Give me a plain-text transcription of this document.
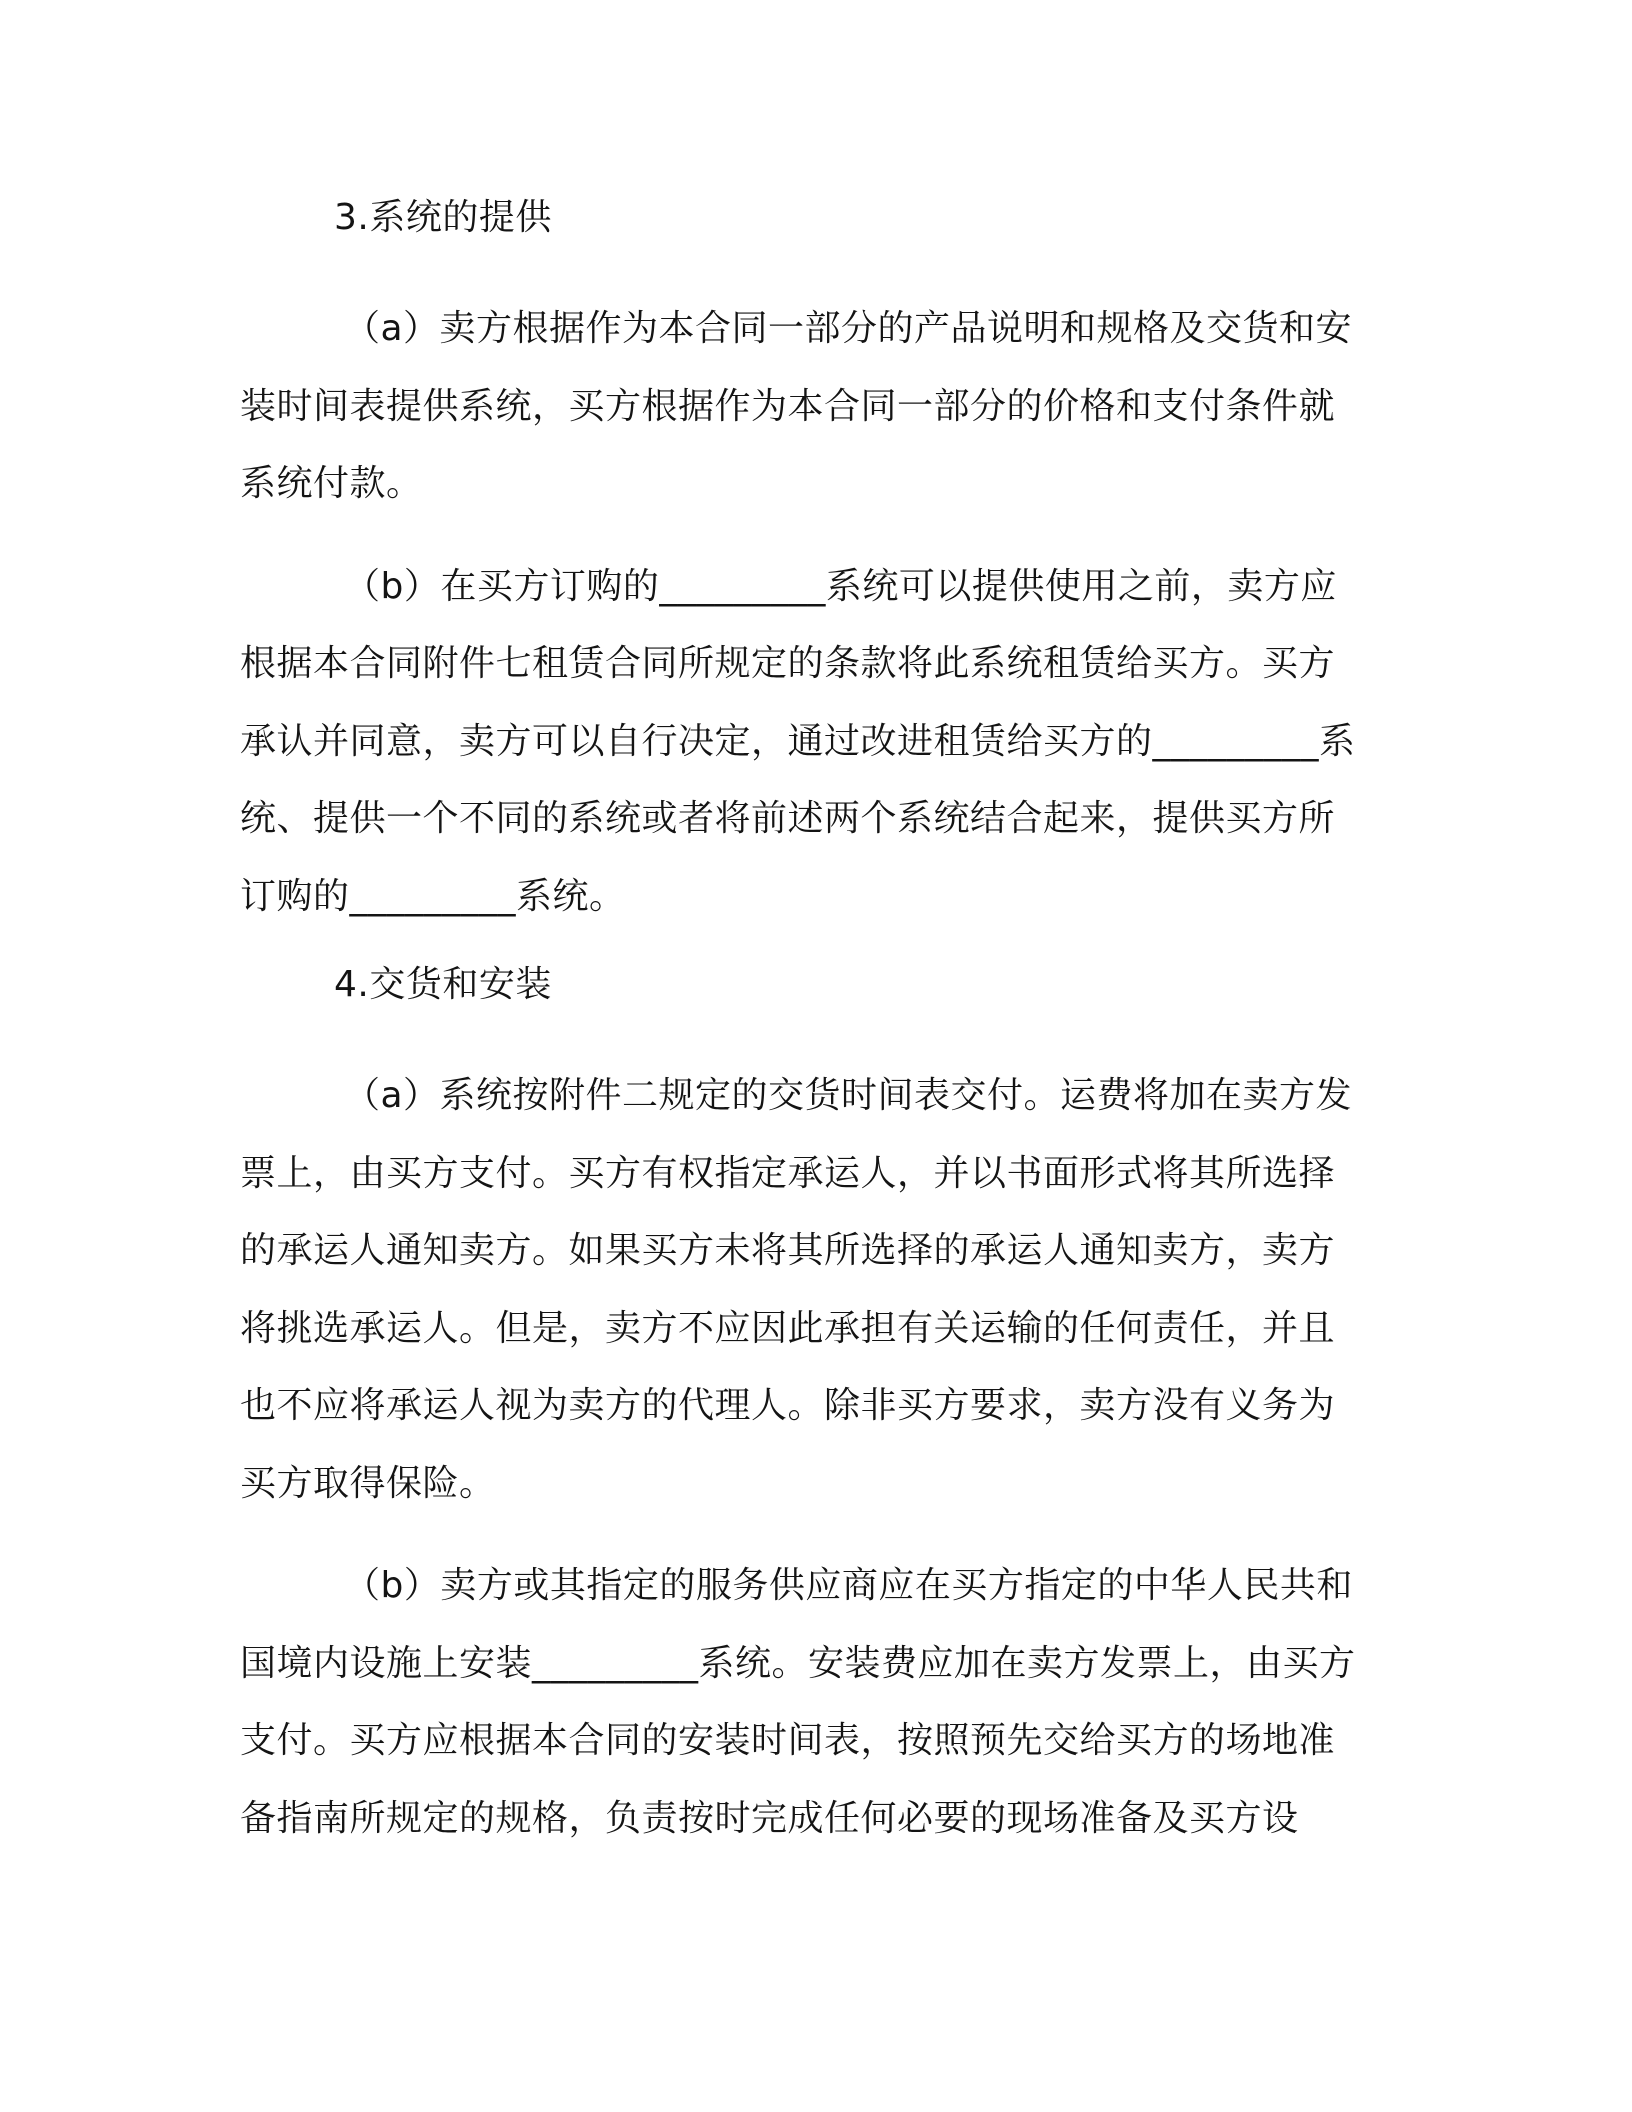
3.系统的提供

（a）卖方根据作为本合同一部分的产品说明和规格及交货和安装时间表提供系统，买方根据作为本合同一部分的价格和支付条件就系统付款。

（b）在买方订购的_________系统可以提供使用之前，卖方应根据本合同附件七租赁合同所规定的条款将此系统租赁给买方。买方承认并同意，卖方可以自行决定，通过改进租赁给买方的_________系统、提供一个不同的系统或者将前述两个系统结合起来，提供买方所订购的_________系统。

4.交货和安装

（a）系统按附件二规定的交货时间表交付。运费将加在卖方发票上，由买方支付。买方有权指定承运人，并以书面形式将其所选择的承运人通知卖方。如果买方未将其所选择的承运人通知卖方，卖方将挑选承运人。但是，卖方不应因此承担有关运输的任何责任，并且也不应将承运人视为卖方的代理人。除非买方要求，卖方没有义务为买方取得保险。

（b）卖方或其指定的服务供应商应在买方指定的中华人民共和国境内设施上安装_________系统。安装费应加在卖方发票上，由买方支付。买方应根据本合同的安装时间表，按照预先交给买方的场地准备指南所规定的规格，负责按时完成任何必要的现场准备及买方设
